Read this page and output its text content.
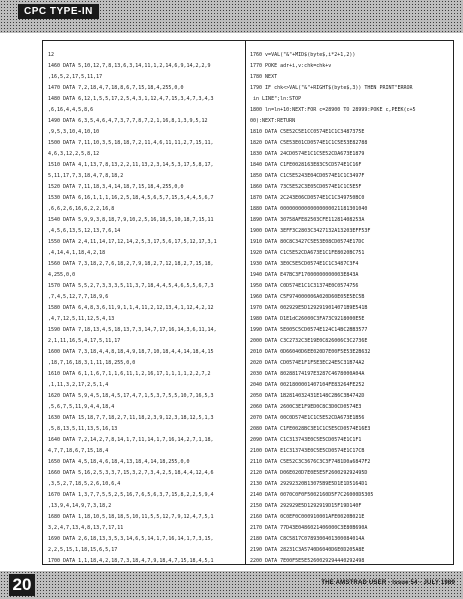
CPC TYPE-IN
12
1460 DATA 5,10,12,7,8,13,6,3,14,11,1,2,14,6,9,14,2,2,9
,16,5,2,17,5,11,17
1470 DATA 7,2,18,4,7,18,8,6,7,15,18,4,255,0,0
1480 DATA 6,12,1,5,5,17,2,5,4,3,1,12,4,7,15,3,4,7,3,4,3
,6,16,4,4,5,8,6
1490 DATA 6,3,5,4,6,4,7,3,7,7,8,7,2,1,16,8,1,3,9,5,12
,9,5,3,10,4,10,10
1500 DATA 7,11,10,3,5,18,18,7,2,11,4,6,11,11,2,7,15,11,
4,6,3,12,2,5,8,12
1510 DATA 4,1,13,7,8,13,2,2,11,13,2,3,14,5,3,17,5,8,17,
5,11,17,7,3,18,4,7,8,18,2
1520 DATA 7,11,18,3,4,14,18,7,15,18,4,255,0,0
1530 DATA 6,16,1,1,1,16,2,5,18,4,5,6,5,7,15,5,4,4,5,6,7
,6,6,2,6,16,6,2,2,16,8
1540 DATA 5,9,9,3,8,18,7,9,10,2,5,16,18,5,10,18,7,15,11
,4,5,6,13,5,12,13,7,6,14
1550 DATA 2,4,11,14,17,12,14,2,5,3,17,5,6,17,5,12,17,3,1
,4,14,4,1,18,4,2,18
1560 DATA 7,3,18,2,7,6,18,2,7,9,18,2,7,12,18,2,7,15,18,
4,255,0,0
1570 DATA 5,5,2,7,3,3,3,5,11,3,7,18,4,4,5,4,6,5,5,6,7,3
,7,4,5,12,7,7,18,9,6
1580 DATA 6,4,8,3,6,11,9,1,1,4,11,2,12,13,4,1,12,4,2,12
,4,7,12,5,11,12,5,4,13
1590 DATA 7,18,13,4,5,18,13,7,3,14,7,17,16,14,3,6,11,14,
2,1,11,16,5,4,17,5,11,17
1600 DATA 7,3,18,4,4,8,18,4,9,18,7,10,18,4,4,14,18,4,15
,18,7,16,18,3,1,11,18,255,0,0
1610 DATA 6,1,1,6,7,1,1,6,11,1,2,16,17,1,1,1,1,2,2,7,2
,1,11,3,2,17,2,5,1,4
1620 DATA 5,9,4,5,18,4,5,17,4,7,1,5,3,7,5,5,10,7,16,5,3
,5,6,7,5,11,9,4,4,18,4
1630 DATA 15,18,7,7,18,2,7,11,18,2,3,9,12,3,18,12,5,1,3
,5,8,13,5,11,13,5,16,13
1640 DATA 7,2,14,2,7,8,14,1,7,11,14,1,7,16,14,2,7,1,18,
4,7,7,18,6,7,15,18,4
1650 DATA 4,5,18,4,6,18,4,13,18,4,14,18,255,0,0
1660 DATA 5,16,2,5,3,3,7,15,3,2,7,3,4,2,5,18,4,4,12,4,6
,3,5,2,7,18,5,2,6,10,6,4
1670 DATA 1,3,7,7,5,5,2,5,16,7,6,5,6,3,7,15,8,2,2,5,9,4
,13,9,4,14,9,7,3,18,2
1680 DATA 1,18,10,5,18,18,5,10,11,5,5,12,7,9,12,4,7,5,1
3,2,4,7,13,4,8,13,7,17,11
1690 DATA 2,6,18,13,3,5,3,14,6,5,14,1,7,16,14,1,7,3,15,
2,2,5,15,1,18,15,6,5,17
1700 DATA 1,1,18,4,2,18,7,3,18,4,7,9,18,4,7,15,18,4,5,1
1760 v=VAL("&"+MID$(byte$,i*2+1,2))
1770 POKE adr+i,v:chk=chk+v
1780 NEXT
1790 IF chk<>VAL("&"+RIGHT$(byte$,3)) THEN PRINT"ERROR
in LINE";ln:STOP
1800 ln=ln+10:NEXT:FOR c=28900 TO 28999:POKE c,PEEK(c+5
00):NEXT:RETURN
1810 DATA C5E52C5E1CC0574E1C1C3487375E
1820 DATA C5E53E01CD0574E1C1C5E53E82788
1830 DATA 24CD0574E1C1C5E52CDA673E1879
1840 DATA C1FE0028163E83C5CD574E1C16F
1850 DATA C1C5E5243E04CD0574E1C1C3497F
1860 DATA 73C5E52C3E05CD0574E1C1C5E5F
1870 DATA 2C243E06CD0574E1C1C349750BC0
1880 DATA 00000000000000000021181301040
1890 DATA 30758AFE82503CFE11281408253A
1900 DATA 3EFF3C2803C3427132A13203EFF53F
1910 DATA 80C8C3427C5E53E08CD0574E17DC
1920 DATA C1C5E52CDA673E1C1FE8020BC751
1930 DATA 3E0C5E5CD0574E1C1C3487C3F4
1940 DATA E47BC3F17000000000003E843A
1950 DATA C0D574E1C1C31374E0C0574756
1960 DATA C5F974000006A020D60E05E5EC5B
1970 DATA 002929E5D1292919014071B9E541B
1980 DATA D1E1dC26000C3FA73C9218000E5E
1990 DATA 5E005C5CD0574E124C14BC2BB3577
2000 DATA C3C2732C3E19E0C826006C3C2736E
2010 DATA 0D66040D6EE020D7E00F5E53E2B632
2020 DATA CD0574E1F1F5E3EC24E5C31B74A2
2030 DATA 80288174197E3287C4678000A04A
2040 DATA 0021800001407104FE83264FE252
2050 DATA 1B2814032431E148C2B6C3B4742D
2060 DATA 2600C3E1F9ED0C8C3D0CD0574E3
2070 DATA 00C0D574E1C1C5E52CDA673E1B56
2080 DATA C1FE0028BC3E1C1C5E5CD0574E16E3
2090 DATA C1C313743E0C5E5CD0574E1C1F1
2100 DATA E1C313743E0C5E5CD0574E1C17CB
2110 DATA C5E52C3C3676C3C3F7481D0a6847F2
2120 DATA D06E020D7E0E5E5F260029292495D
2130 DATA 29292320B13075B9E5D1E1D5164D1
2140 DATA 0070C0F0F5002160D5F7C26000D5305
2150 DATA 292929E5D1292919D15F19D140F
2160 DATA 0C0EF0C000910001AFE0020B021E
2170 DATA 77D43E0486021406000C3E80B690A
2180 DATA C8C5817C0789300401300084014A
2190 DATA 28231C3A5740D6040D6E0D205A8E
2200 DATA 7E00F5E5E5260029294440292498
20	THE AMSTRAD USER - Issue 54 - JULY 1989
